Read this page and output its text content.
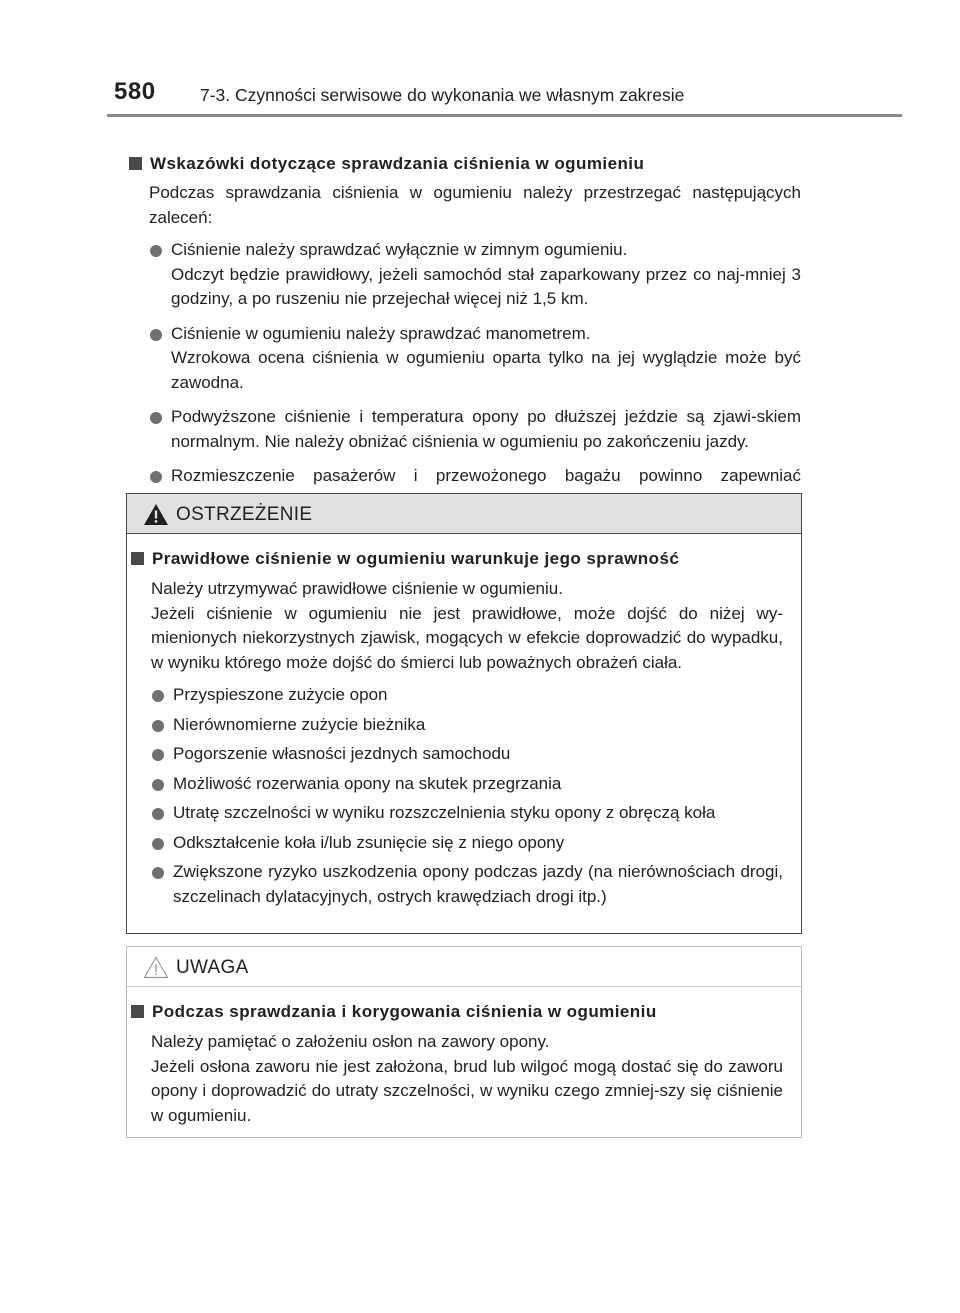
580	7-3. Czynności serwisowe do wykonania we własnym zakresie
Wskazówki dotyczące sprawdzania ciśnienia w ogumieniu
Podczas sprawdzania ciśnienia w ogumieniu należy przestrzegać następujących zaleceń:
Ciśnienie należy sprawdzać wyłącznie w zimnym ogumieniu.
Odczyt będzie prawidłowy, jeżeli samochód stał zaparkowany przez co naj-mniej 3 godziny, a po ruszeniu nie przejechał więcej niż 1,5 km.
Ciśnienie w ogumieniu należy sprawdzać manometrem.
Wzrokowa ocena ciśnienia w ogumieniu oparta tylko na jej wyglądzie może być zawodna.
Podwyższone ciśnienie i temperatura opony po dłuższej jeździe są zjawi-skiem normalnym. Nie należy obniżać ciśnienia w ogumieniu po zakończeniu jazdy.
Rozmieszczenie pasażerów i przewożonego bagażu powinno zapewniać
OSTRZEŻENIE
Prawidłowe ciśnienie w ogumieniu warunkuje jego sprawność
Należy utrzymywać prawidłowe ciśnienie w ogumieniu.
Jeżeli ciśnienie w ogumieniu nie jest prawidłowe, może dojść do niżej wy-mienionych niekorzystnych zjawisk, mogących w efekcie doprowadzić do wypadku, w wyniku którego może dojść do śmierci lub poważnych obrażeń ciała.
Przyspieszone zużycie opon
Nierównomierne zużycie bieżnika
Pogorszenie własności jezdnych samochodu
Możliwość rozerwania opony na skutek przegrzania
Utratę szczelności w wyniku rozszczelnienia styku opony z obręczą koła
Odkształcenie koła i/lub zsunięcie się z niego opony
Zwiększone ryzyko uszkodzenia opony podczas jazdy (na nierównościach drogi, szczelinach dylatacyjnych, ostrych krawędziach drogi itp.)
UWAGA
Podczas sprawdzania i korygowania ciśnienia w ogumieniu
Należy pamiętać o założeniu osłon na zawory opony.
Jeżeli osłona zaworu nie jest założona, brud lub wilgoć mogą dostać się do zaworu opony i doprowadzić do utraty szczelności, w wyniku czego zmniej-szy się ciśnienie w ogumieniu.
